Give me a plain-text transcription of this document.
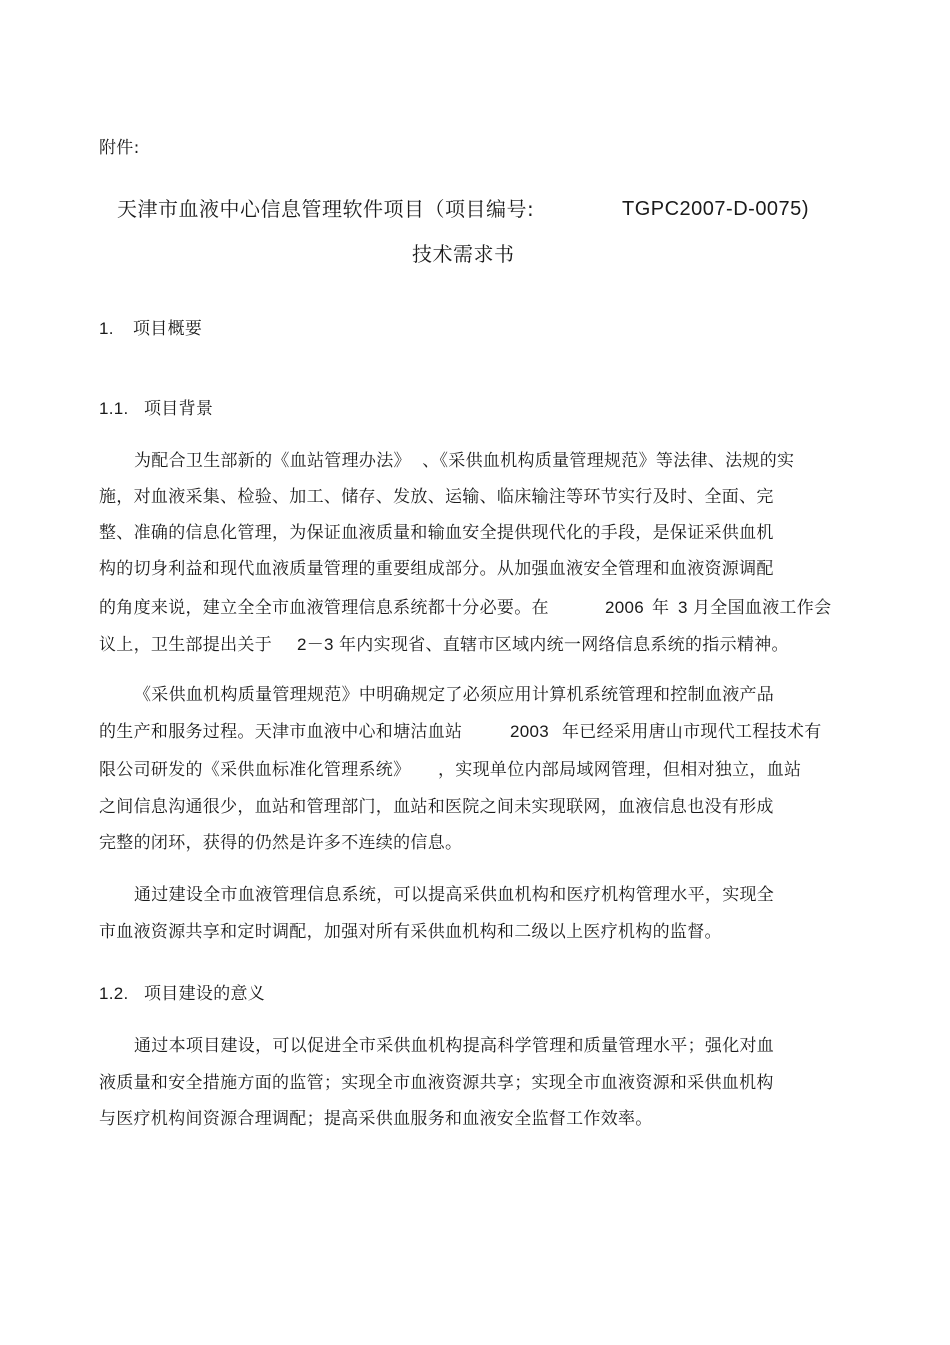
附件:
天津市血液中心信息管理软件项目（项目编号:	TGPC2007-D-0075)
技术需求书
1. 项目概要
1.1. 项目背景
为配合卫生部新的《血站管理办法》  、《采供血机构质量管理规范》等法律、法规的实
施，对血液采集、检验、加工、储存、发放、运输、临床输注等环节实行及时、全面、完
整、准确的信息化管理，为保证血液质量和输血安全提供现代化的手段，是保证采供血机
构的切身利益和现代血液质量管理的重要组成部分。从加强血液安全管理和血液资源调配
的角度来说，建立全全市血液管理信息系统都十分必要。在	2006 年 3 月全国血液工作会
议上，卫生部提出关于 2－3 年内实现省、直辖市区域内统一网络信息系统的指示精神。
《采供血机构质量管理规范》中明确规定了必须应用计算机系统管理和控制血液产品
的生产和服务过程。天津市血液中心和塘沽血站	2003 年已经采用唐山市现代工程技术有
限公司研发的《采供血标准化管理系统》 ，实现单位内部局域网管理，但相对独立，血站
之间信息沟通很少，血站和管理部门，血站和医院之间未实现联网，血液信息也没有形成
完整的闭环，获得的仍然是许多不连续的信息。
通过建设全市血液管理信息系统，可以提高采供血机构和医疗机构管理水平，实现全
市血液资源共享和定时调配，加强对所有采供血机构和二级以上医疗机构的监督。
1.2. 项目建设的意义
通过本项目建设，可以促进全市采供血机构提高科学管理和质量管理水平；强化对血
液质量和安全措施方面的监管；实现全市血液资源共享；实现全市血液资源和采供血机构
与医疗机构间资源合理调配；提高采供血服务和血液安全监督工作效率。
